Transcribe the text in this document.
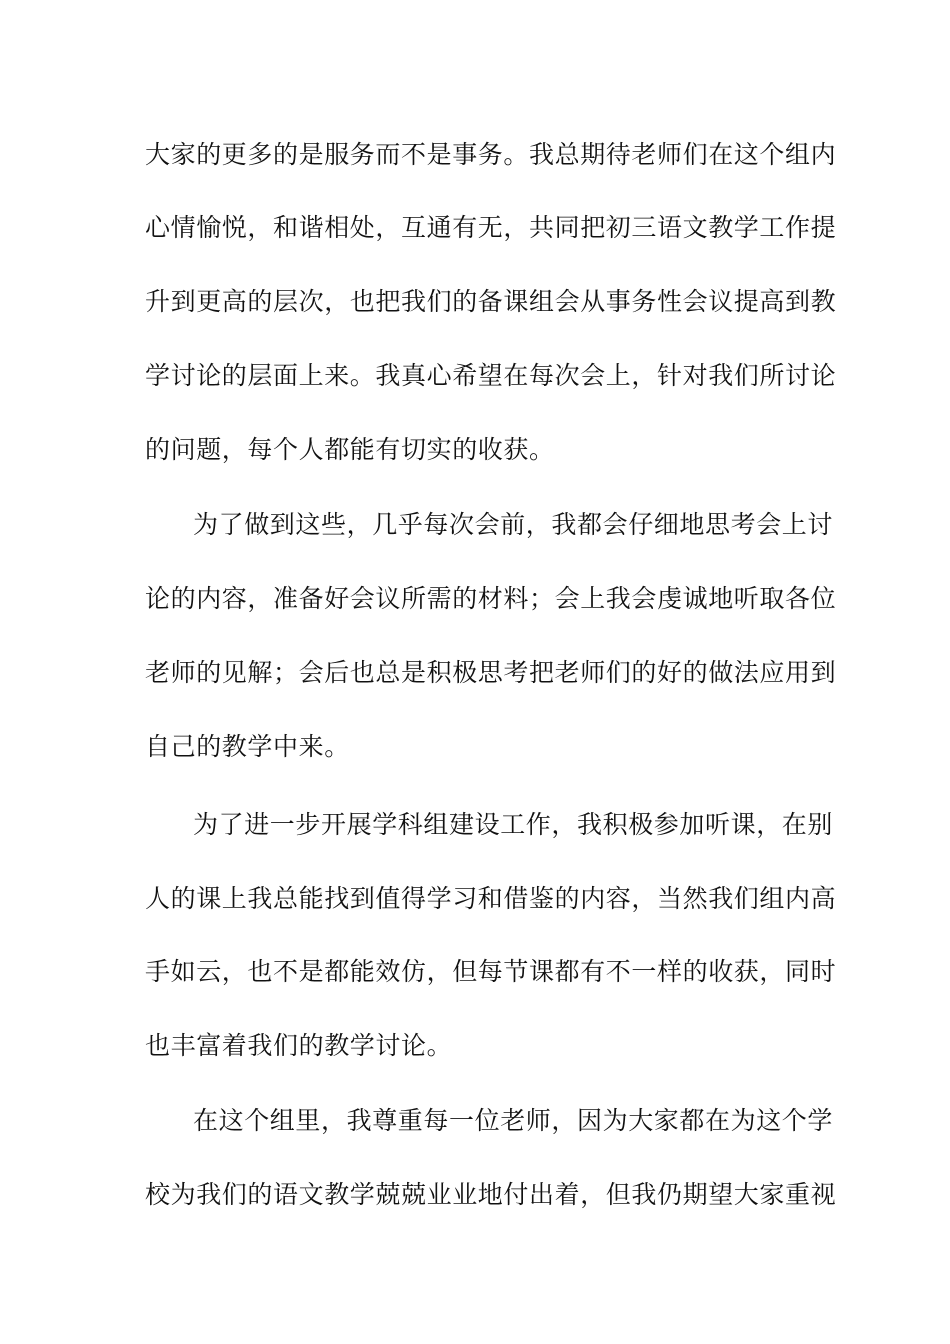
大家的更多的是服务而不是事务。我总期待老师们在这个组内
心情愉悦，和谐相处，互通有无，共同把初三语文教学工作提
升到更高的层次，也把我们的备课组会从事务性会议提高到教
学讨论的层面上来。我真心希望在每次会上，针对我们所讨论
的问题，每个人都能有切实的收获。
为了做到这些，几乎每次会前，我都会仔细地思考会上讨
论的内容，准备好会议所需的材料；会上我会虔诚地听取各位
老师的见解；会后也总是积极思考把老师们的好的做法应用到
自己的教学中来。
为了进一步开展学科组建设工作，我积极参加听课，在别
人的课上我总能找到值得学习和借鉴的内容，当然我们组内高
手如云，也不是都能效仿，但每节课都有不一样的收获，同时
也丰富着我们的教学讨论。
在这个组里，我尊重每一位老师，因为大家都在为这个学
校为我们的语文教学兢兢业业地付出着，但我仍期望大家重视
